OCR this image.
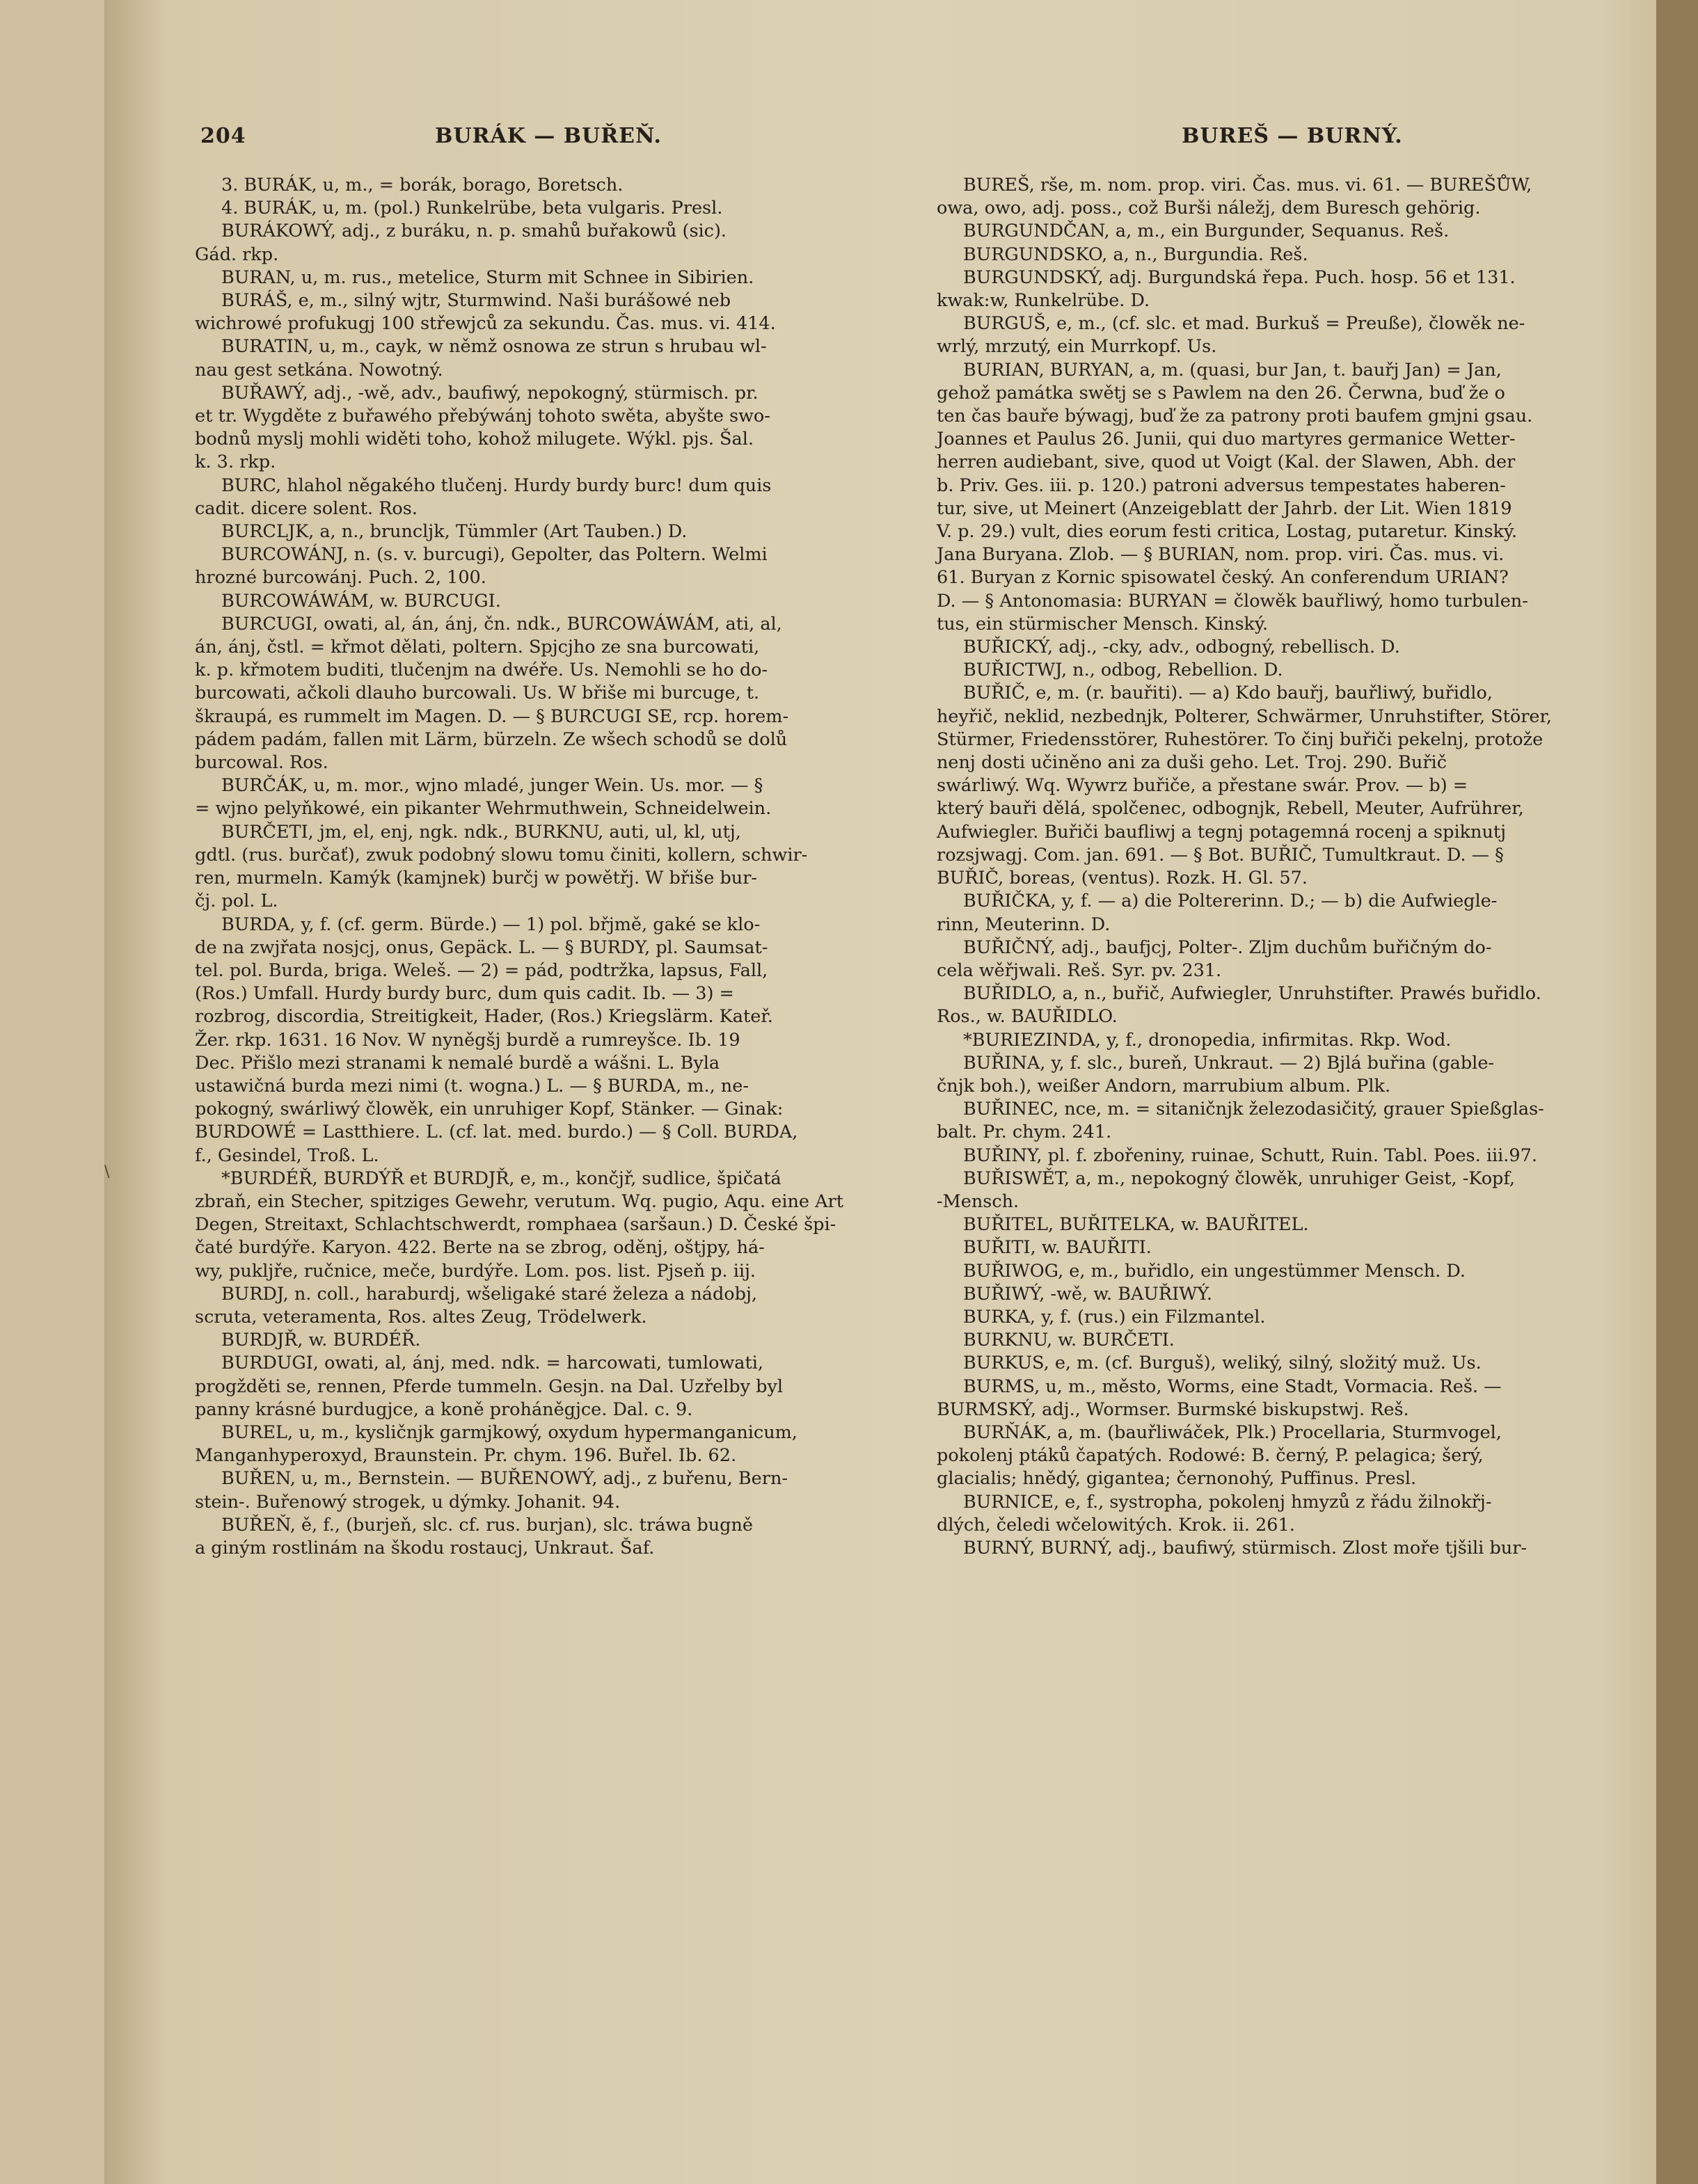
204	BURÁK — BUŘEŇ.	BUREŠ — BURNÝ.
\

3. BURÁK, u, m., = borák, borago, Boretsch.

4. BURÁK, u, m. (pol.) Runkelrübe, beta vulgaris. Presl.

BURÁKOWÝ, adj., z buráku, n. p. smahů buřakowů (sic).
Gád. rkp.

BURAN, u, m. rus., metelice, Sturm mit Schnee in Sibirien.

BURÁŠ, e, m., silný wjtr, Sturmwind. Naši burášowé neb
wichrowé profukugj 100 střewjců za sekundu. Čas. mus. vi. 414.

BURATIN, u, m., cayk, w němž osnowa ze strun s hrubau wl-
nau gest setkána. Nowotný.

BUŘAWÝ, adj., -wě, adv., baufiwý, nepokogný, stürmisch. pr.
et tr. Wygděte z buřawého přebýwánj tohoto swěta, abyšte swo-
bodnů myslj mohli widěti toho, kohož milugete. Wýkl. pjs. Šal.
k. 3. rkp.

BURC, hlahol něgakého tlučenj. Hurdy burdy burc! dum quis
cadit. dicere solent. Ros.

BURCLJK, a, n., bruncljk, Tümmler (Art Tauben.) D.

BURCOWÁNJ, n. (s. v. burcugi), Gepolter, das Poltern. Welmi
hrozné burcowánj. Puch. 2, 100.

BURCOWÁWÁM, w. BURCUGI.

BURCUGI, owati, al, án, ánj, čn. ndk., BURCOWÁWÁM, ati, al,
án, ánj, čstl. = křmot dělati, poltern. Spjcjho ze sna burcowati,
k. p. křmotem buditi, tlučenjm na dwéře. Us. Nemohli se ho do-
burcowati, ačkoli dlauho burcowali. Us. W břiše mi burcuge, t.
škraupá, es rummelt im Magen. D. — § BURCUGI SE, rcp. horem-
pádem padám, fallen mit Lärm, bürzeln. Ze wšech schodů se dolů
burcowal. Ros.

BURČÁK, u, m. mor., wjno mladé, junger Wein. Us. mor. — §
= wjno pelyňkowé, ein pikanter Wehrmuthwein, Schneidelwein.

BURČETI, jm, el, enj, ngk. ndk., BURKNU, auti, ul, kl, utj,
gdtl. (rus. burčať), zwuk podobný slowu tomu činiti, kollern, schwir-
ren, murmeln. Kamýk (kamjnek) burčj w powětřj. W břiše bur-
čj. pol. L.

BURDA, y, f. (cf. germ. Bürde.) — 1) pol. břjmě, gaké se klo-
de na zwjřata nosjcj, onus, Gepäck. L. — § BURDY, pl. Saumsat-
tel. pol. Burda, briga. Weleš. — 2) = pád, podtržka, lapsus, Fall,
(Ros.) Umfall. Hurdy burdy burc, dum quis cadit. Ib. — 3) =
rozbrog, discordia, Streitigkeit, Hader, (Ros.) Kriegslärm. Kateř.
Žer. rkp. 1631. 16 Nov. W nyněgšj burdě a rumreyšce. Ib. 19
Dec. Přišlo mezi stranami k nemalé burdě a wášni. L. Byla
ustawičná burda mezi nimi (t. wogna.) L. — § BURDA, m., ne-
pokogný, swárliwý člowěk, ein unruhiger Kopf, Stänker. — Ginak:
BURDOWÉ = Lastthiere. L. (cf. lat. med. burdo.) — § Coll. BURDA,
f., Gesindel, Troß. L.

*BURDÉŘ, BURDÝŘ et BURDJŘ, e, m., končjř, sudlice, špičatá
zbraň, ein Stecher, spitziges Gewehr, verutum. Wq. pugio, Aqu. eine Art
Degen, Streitaxt, Schlachtschwerdt, romphaea (saršaun.) D. České špi-
čaté burdýře. Karyon. 422. Berte na se zbrog, oděnj, oštjpy, há-
wy, puklјře, ručnice, meče, burdýře. Lom. pos. list. Pjseň p. iij.

BURDJ, n. coll., haraburdj, wšeligaké staré železa a nádobj,
scruta, veteramenta, Ros. altes Zeug, Trödelwerk.

BURDJŘ, w. BURDÉŘ.

BURDUGI, owati, al, ánj, med. ndk. = harcowati, tumlowati,
progžděti se, rennen, Pferde tummeln. Gesjn. na Dal. Uzřelby byl
panny krásné burdugjce, a koně proháněgjce. Dal. c. 9.

BUREL, u, m., kysličnjk garmjkowý, oxydum hypermanganicum,
Manganhyperoxyd, Braunstein. Pr. chym. 196. Buřel. Ib. 62.

BUŘEN, u, m., Bernstein. — BUŘENOWÝ, adj., z buřenu, Bern-
stein-. Buřenowý strogek, u dýmky. Johanit. 94.

BUŘEŇ, ě, f., (burjeň, slc. cf. rus. burjan), slc. tráwa bugně
a giným rostlinám na škodu rostaucj, Unkraut. Šaf.

BUREŠ, rše, m. nom. prop. viri. Čas. mus. vi. 61. — BUREŠŮW,
owa, owo, adj. poss., což Burši náležj, dem Buresch gehörig.

BURGUNDČAN, a, m., ein Burgunder, Sequanus. Reš.

BURGUNDSKO, a, n., Burgundia. Reš.

BURGUNDSKÝ, adj. Burgundská řepa. Puch. hosp. 56 et 131.
kwak:w, Runkelrübe. D.

BURGUŠ, e, m., (cf. slc. et mad. Burkuš = Preuße), člowěk ne-
wrlý, mrzutý, ein Murrkopf. Us.

BURIAN, BURYAN, a, m. (quasi, bur Jan, t. bauřj Jan) = Jan,
gehož památka swětj se s Pawlem na den 26. Čerwna, buď že o
ten čas bauře býwagj, buď že za patrony proti baufem gmjni gsau.
Joannes et Paulus 26. Junii, qui duo martyres germanice Wetter-
herren audiebant, sive, quod ut Voigt (Kal. der Slawen, Abh. der
b. Priv. Ges. iii. p. 120.) patroni adversus tempestates haberen-
tur, sive, ut Meinert (Anzeigeblatt der Jahrb. der Lit. Wien 1819
V. p. 29.) vult, dies eorum festi critica, Lostag, putaretur. Kinský.
Jana Buryana. Zlob. — § BURIAN, nom. prop. viri. Čas. mus. vi.
61. Buryan z Kornic spisowatel český. An conferendum URIAN?
D. — § Antonomasia: BURYAN = člowěk bauřliwý, homo turbulen-
tus, ein stürmischer Mensch. Kinský.

BUŘICKÝ, adj., -cky, adv., odbogný, rebellisch. D.

BUŘICTWJ, n., odbog, Rebellion. D.

BUŘIČ, e, m. (r. bauřiti). — a) Kdo bauřj, bauřliwý, buřidlo,
heyřič, neklid, nezbednjk, Polterer, Schwärmer, Unruhstifter, Störer,
Stürmer, Friedensstörer, Ruhestörer. To činj buřiči pekelnj, protože
nenj dosti učiněno ani za duši geho. Let. Troj. 290. Buřič
swárliwý. Wq. Wywrz buřiče, a přestane swár. Prov. — b) =
který bauři dělá, spolčenec, odbognjk, Rebell, Meuter, Aufrührer,
Aufwiegler. Buřiči baufliwj a tegnj potagemná rocenj a spiknutj
rozsjwagj. Com. jan. 691. — § Bot. BUŘIČ, Tumultkraut. D. — §
BUŘIČ, boreas, (ventus). Rozk. H. Gl. 57.

BUŘIČKA, y, f. — a) die Poltererinn. D.; — b) die Aufwiegle-
rinn, Meuterinn. D.

BUŘIČNÝ, adj., baufjcj, Polter-. Zljm duchům buřičným do-
cela wěřjwali. Reš. Syr. pv. 231.

BUŘIDLO, a, n., buřič, Aufwiegler, Unruhstifter. Prawés buřidlo.
Ros., w. BAUŘIDLO.

*BURIEZINDA, y, f., dronopedia, infirmitas. Rkp. Wod.

BUŘINA, y, f. slc., bureň, Unkraut. — 2) Bjlá buřina (gable-
čnjk boh.), weißer Andorn, marrubium album. Plk.

BUŘINEC, nce, m. = sitaničnjk železodasičitý, grauer Spießglas-
balt. Pr. chym. 241.

BUŘINY, pl. f. zbořeniny, ruinae, Schutt, Ruin. Tabl. Poes. iii.97.

BUŘISWĚT, a, m., nepokogný člowěk, unruhiger Geist, -Kopf,
-Mensch.

BUŘITEL, BUŘITELKA, w. BAUŘITEL.

BUŘITI, w. BAUŘITI.

BUŘIWOG, e, m., buřidlo, ein ungestümmer Mensch. D.

BUŘIWÝ, -wě, w. BAUŘIWÝ.

BURKA, y, f. (rus.) ein Filzmantel.

BURKNU, w. BURČETI.

BURKUS, e, m. (cf. Burguš), weliký, silný, složitý muž. Us.

BURMS, u, m., město, Worms, eine Stadt, Vormacia. Reš. —
BURMSKÝ, adj., Wormser. Burmské biskupstwj. Reš.

BURŇÁK, a, m. (bauřliwáček, Plk.) Procellaria, Sturmvogel,
pokolenj ptáků čapatých. Rodowé: B. černý, P. pelagica; šerý,
glacialis; hnědý, gigantea; černonohý, Puffinus. Presl.

BURNICE, e, f., systropha, pokolenj hmyzů z řádu žilnokřj-
dlých, čeledi wčelowitých. Krok. ii. 261.

BURNÝ, BURNÝ, adj., baufiwý, stürmisch. Zlost moře tjšili bur-
